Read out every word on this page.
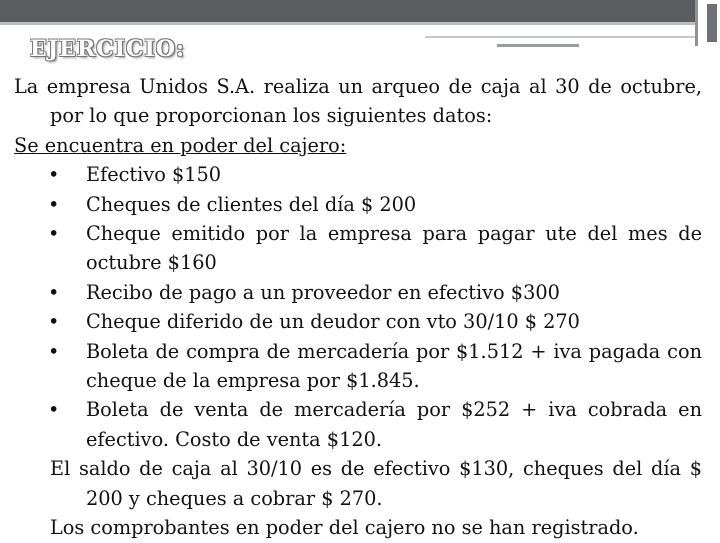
EJERCICIO:

La empresa Unidos S.A. realiza un arqueo de caja al 30 de octubre, por lo que proporcionan los siguientes datos:

Se encuentra en poder del cajero:

• Efectivo $150
• Cheques de clientes del día $ 200
• Cheque emitido por la empresa para pagar ute del mes de octubre $160
• Recibo de pago a un proveedor en efectivo $300
• Cheque diferido de un deudor con vto 30/10 $ 270
• Boleta de compra de mercadería por $1.512 + iva pagada con cheque de la empresa por $1.845.
• Boleta de venta de mercadería por $252 + iva cobrada en efectivo. Costo de venta $120.

El saldo de caja al 30/10 es de efectivo $130, cheques del día $ 200 y cheques a cobrar $ 270.

Los comprobantes en poder del cajero no se han registrado.
